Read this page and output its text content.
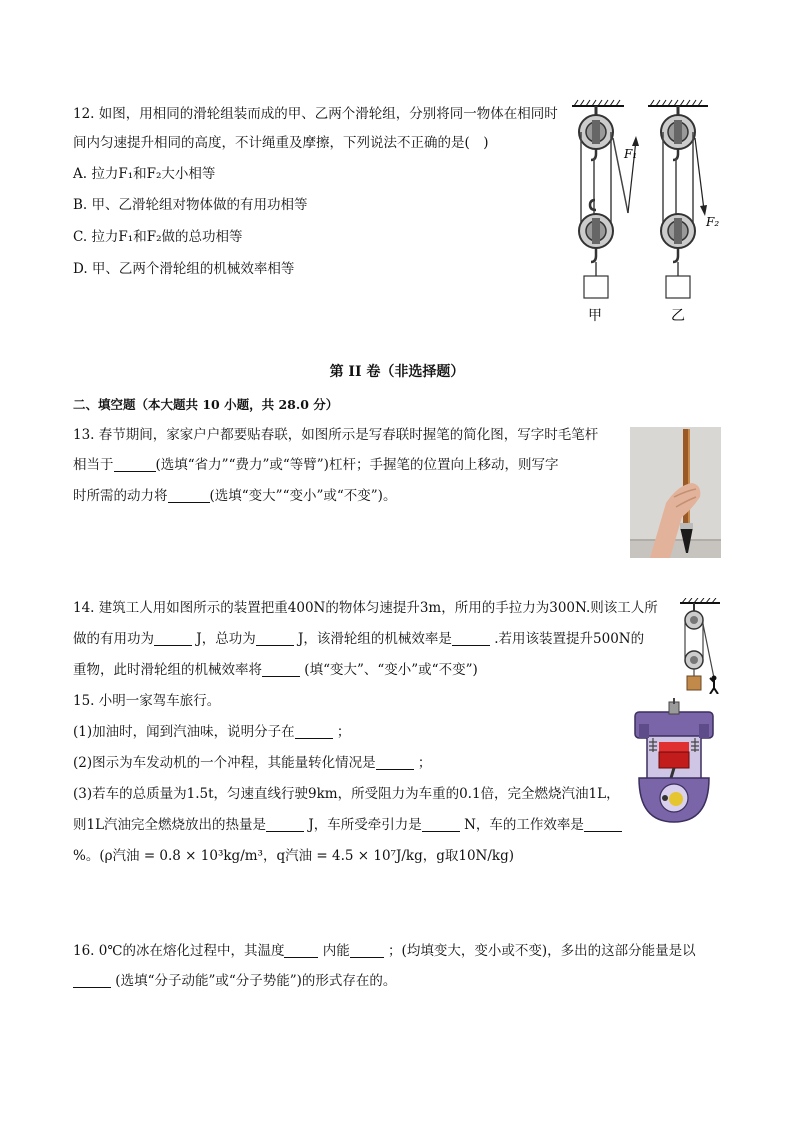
12. 如图，用相同的滑轮组装而成的甲、乙两个滑轮组，分别将同一物体在相同时
间内匀速提升相同的高度，不计绳重及摩擦，下列说法不正确的是(　)
A. 拉力F₁和F₂大小相等
B. 甲、乙滑轮组对物体做的有用功相等
C. 拉力F₁和F₂做的总功相等
D. 甲、乙两个滑轮组的机械效率相等
F₁
甲
F₂
乙
第 II 卷（非选择题）
二、填空题（本大题共 10 小题，共 28.0 分）
13. 春节期间，家家户户都要贴春联，如图所示是写春联时握笔的简化图，写字时毛笔杆
相当于	(选填“省力”“费力”或“等臂”)杠杆；手握笔的位置向上移动，则写字
时所需的动力将	(选填“变大”“变小”或“不变”)。
14. 建筑工人用如图所示的装置把重400N的物体匀速提升3m，所用的手拉力为300N.则该工人所
做的有用功为	J，总功为	J，该滑轮组的机械效率是	.若用该装置提升500N的
重物，此时滑轮组的机械效率将	(填“变大”、“变小”或“不变”)
15. 小明一家驾车旅行。
(1)加油时，闻到汽油味，说明分子在	；
(2)图示为车发动机的一个冲程，其能量转化情况是	；
(3)若车的总质量为1.5t，匀速直线行驶9km，所受阻力为车重的0.1倍，完全燃烧汽油1L，
则1L汽油完全燃烧放出的热量是	J，车所受牵引力是	N，车的工作效率是
%。(ρ汽油 = 0.8 × 10³kg/m³，q汽油 = 4.5 × 10⁷J/kg，g取10N/kg)
16. 0℃的冰在熔化过程中，其温度	内能	；(均填变大，变小或不变)，多出的这部分能量是以
(选填“分子动能”或“分子势能”)的形式存在的。
